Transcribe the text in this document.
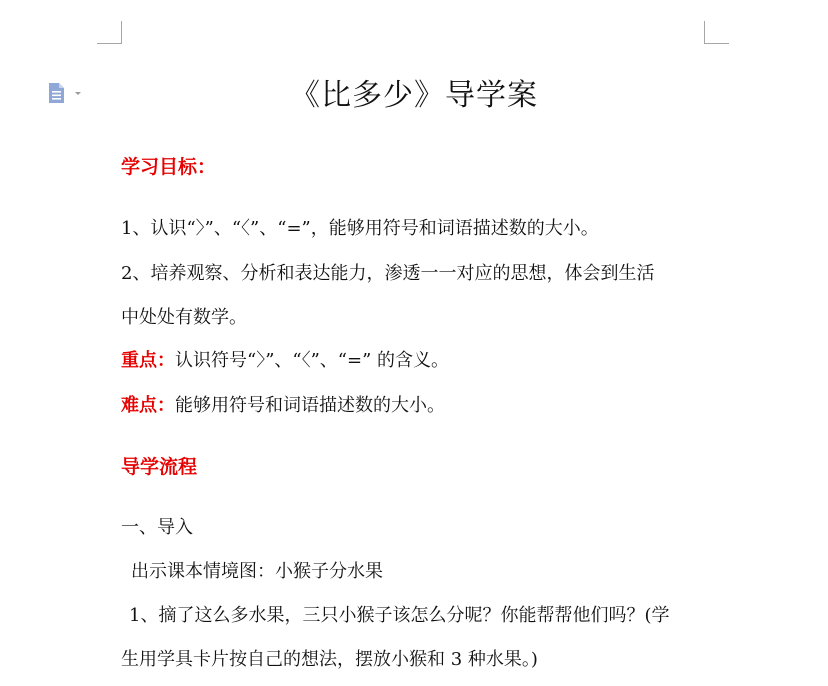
《比多少》导学案
学习目标：
1、认识“〉”、“〈”、“=”，能够用符号和词语描述数的大小。
2、培养观察、分析和表达能力，渗透一一对应的思想，体会到生活
中处处有数学。
重点：认识符号“〉”、“〈”、“=” 的含义。
难点：能够用符号和词语描述数的大小。
导学流程
一、导入
出示课本情境图：小猴子分水果
1、摘了这么多水果，三只小猴子该怎么分呢？你能帮帮他们吗？(学
生用学具卡片按自己的想法，摆放小猴和 3 种水果。)
